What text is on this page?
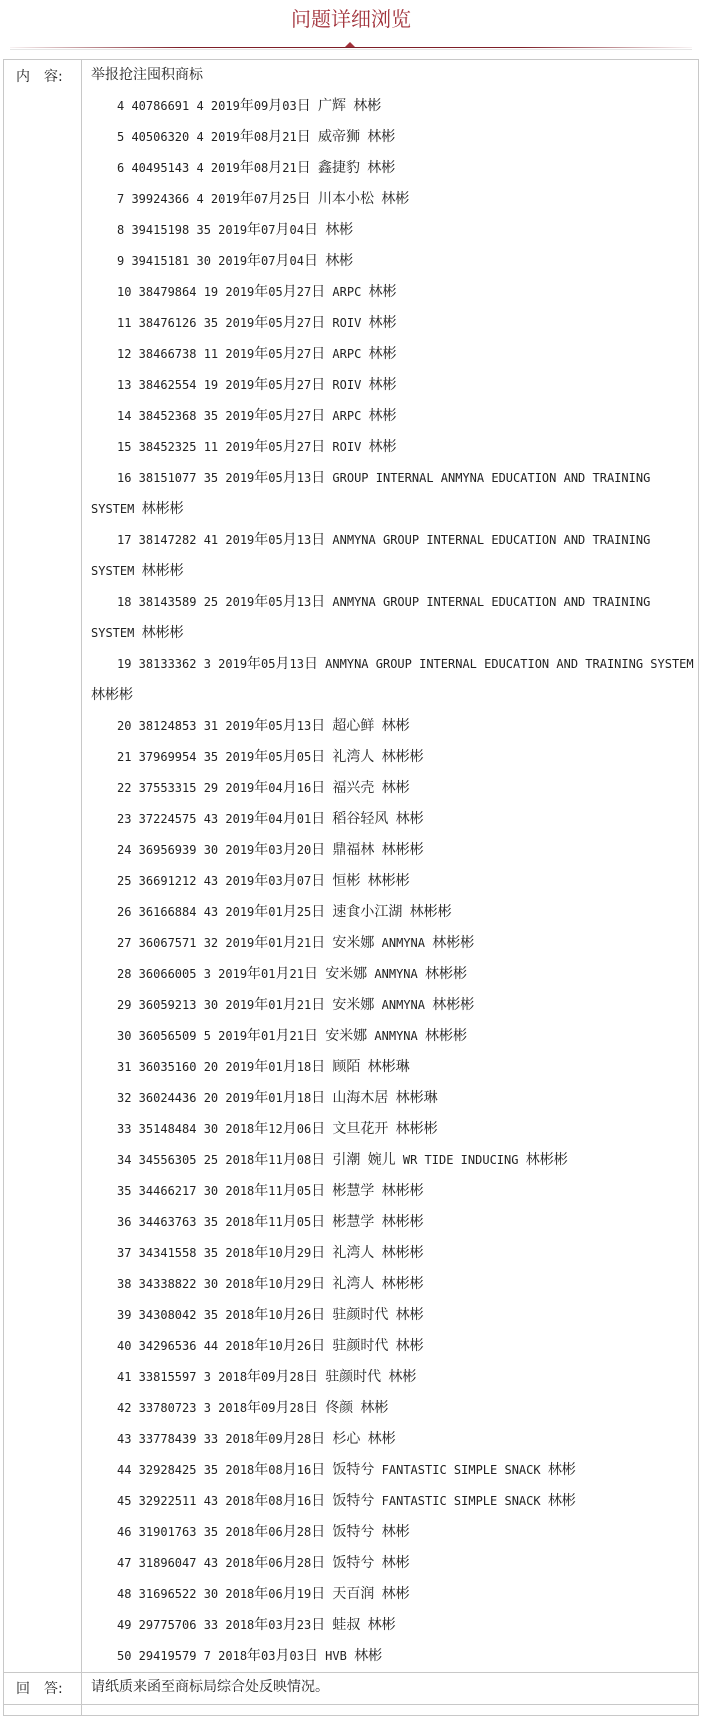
问题详细浏览
内　容:	举报抢注囤积商标
4 40786691 4 2019年09月03日 广辉 林彬
5 40506320 4 2019年08月21日 威帝狮 林彬
6 40495143 4 2019年08月21日 鑫捷豹 林彬
7 39924366 4 2019年07月25日 川本小松 林彬
8 39415198 35 2019年07月04日 林彬
9 39415181 30 2019年07月04日 林彬
10 38479864 19 2019年05月27日 ARPC 林彬
11 38476126 35 2019年05月27日 ROIV 林彬
12 38466738 11 2019年05月27日 ARPC 林彬
13 38462554 19 2019年05月27日 ROIV 林彬
14 38452368 35 2019年05月27日 ARPC 林彬
15 38452325 11 2019年05月27日 ROIV 林彬
16 38151077 35 2019年05月13日 GROUP INTERNAL ANMYNA EDUCATION AND TRAINING SYSTEM 林彬彬
17 38147282 41 2019年05月13日 ANMYNA GROUP INTERNAL EDUCATION AND TRAINING SYSTEM 林彬彬
18 38143589 25 2019年05月13日 ANMYNA GROUP INTERNAL EDUCATION AND TRAINING SYSTEM 林彬彬
19 38133362 3 2019年05月13日 ANMYNA GROUP INTERNAL EDUCATION AND TRAINING SYSTEM 林彬彬
20 38124853 31 2019年05月13日 超心鲜 林彬
21 37969954 35 2019年05月05日 礼湾人 林彬彬
22 37553315 29 2019年04月16日 福兴壳 林彬
23 37224575 43 2019年04月01日 稻谷轻风 林彬
24 36956939 30 2019年03月20日 鼎福林 林彬彬
25 36691212 43 2019年03月07日 恒彬 林彬彬
26 36166884 43 2019年01月25日 速食小江湖 林彬彬
27 36067571 32 2019年01月21日 安米娜 ANMYNA 林彬彬
28 36066005 3 2019年01月21日 安米娜 ANMYNA 林彬彬
29 36059213 30 2019年01月21日 安米娜 ANMYNA 林彬彬
30 36056509 5 2019年01月21日 安米娜 ANMYNA 林彬彬
31 36035160 20 2019年01月18日 顾陌 林彬琳
32 36024436 20 2019年01月18日 山海木居 林彬琳
33 35148484 30 2018年12月06日 文旦花开 林彬彬
34 34556305 25 2018年11月08日 引潮 婉儿 WR TIDE INDUCING 林彬彬
35 34466217 30 2018年11月05日 彬慧学 林彬彬
36 34463763 35 2018年11月05日 彬慧学 林彬彬
37 34341558 35 2018年10月29日 礼湾人 林彬彬
38 34338822 30 2018年10月29日 礼湾人 林彬彬
39 34308042 35 2018年10月26日 驻颜时代 林彬
40 34296536 44 2018年10月26日 驻颜时代 林彬
41 33815597 3 2018年09月28日 驻颜时代 林彬
42 33780723 3 2018年09月28日 佟颜 林彬
43 33778439 33 2018年09月28日 杉心 林彬
44 32928425 35 2018年08月16日 饭特兮 FANTASTIC SIMPLE SNACK 林彬
45 32922511 43 2018年08月16日 饭特兮 FANTASTIC SIMPLE SNACK 林彬
46 31901763 35 2018年06月28日 饭特兮 林彬
47 31896047 43 2018年06月28日 饭特兮 林彬
48 31696522 30 2018年06月19日 天百润 林彬
49 29775706 33 2018年03月23日 蛙叔 林彬
50 29419579 7 2018年03月03日 HVB 林彬

回　答:	请纸质来函至商标局综合处反映情况。
